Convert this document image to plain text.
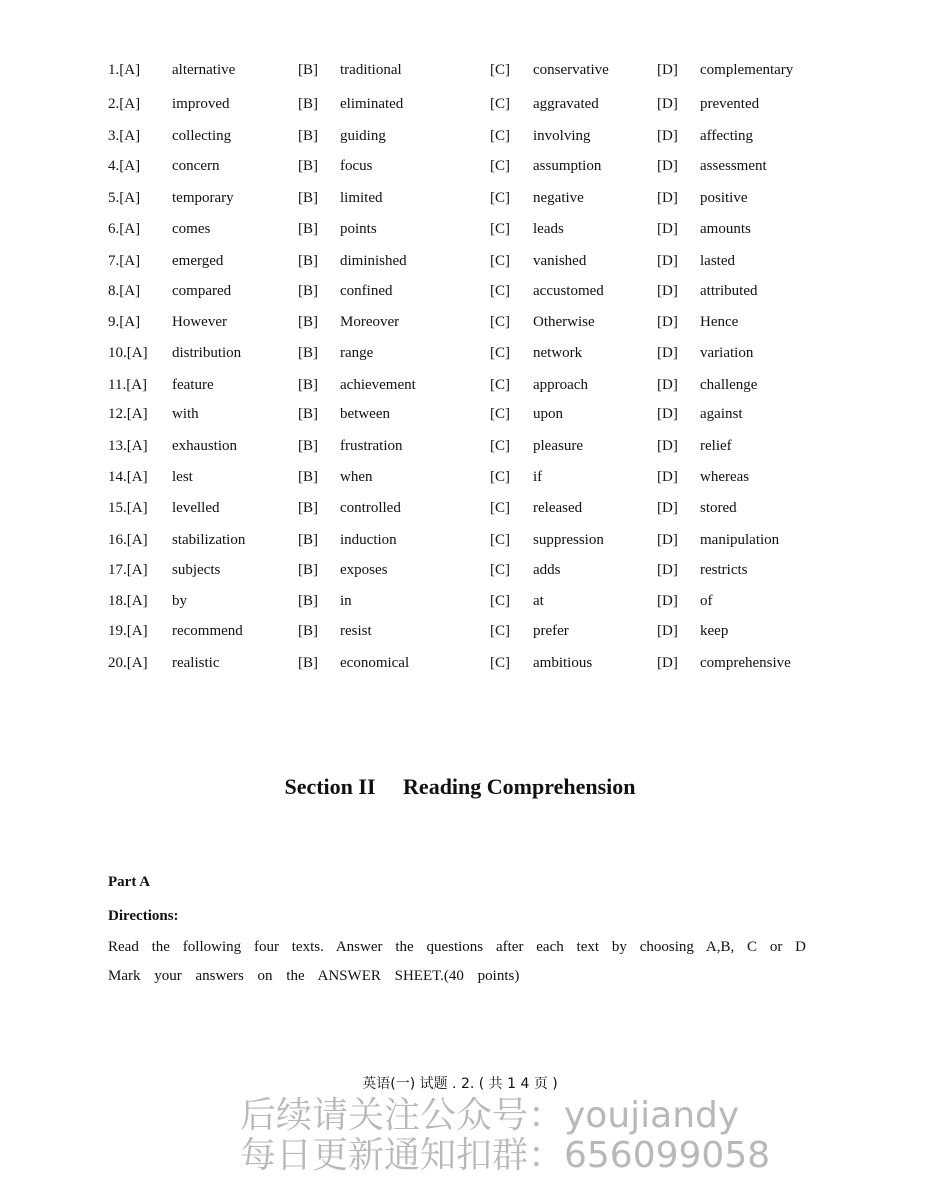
1.[A] alternative	[B] traditional	[C] conservative	[D] complementary
2.[A] improved	[B] eliminated	[C] aggravated	[D] prevented
3.[A] collecting	[B] guiding	[C] involving	[D] affecting
4.[A] concern	[B] focus	[C] assumption	[D] assessment
5.[A] temporary	[B] limited	[C] negative	[D] positive
6.[A] comes	[B] points	[C] leads	[D] amounts
7.[A] emerged	[B] diminished	[C] vanished	[D] lasted
8.[A] compared	[B] confined	[C] accustomed	[D] attributed
9.[A] However	[B] Moreover	[C] Otherwise	[D] Hence
10.[A] distribution	[B] range	[C] network	[D] variation
11.[A] feature	[B] achievement	[C] approach	[D] challenge
12.[A] with	[B] between	[C] upon	[D] against
13.[A] exhaustion	[B] frustration	[C] pleasure	[D] relief
14.[A] lest	[B] when	[C] if	[D] whereas
15.[A] levelled	[B] controlled	[C] released	[D] stored
16.[A] stabilization	[B] induction	[C] suppression	[D] manipulation
17.[A] subjects	[B] exposes	[C] adds	[D] restricts
18.[A] by	[B] in	[C] at	[D] of
19.[A] recommend	[B] resist	[C] prefer	[D] keep
20.[A] realistic	[B] economical	[C] ambitious	[D] comprehensive
Section II Reading Comprehension
Part A
Directions:
Read the following four texts. Answer the questions after each text by choosing A,B, C or D
Mark your answers on the ANSWER SHEET.(40 points)
英语(一) 试题 . 2. ( 共 1 4 页 )
后续请关注公众号：youjiandy
每日更新通知扣群：656099058
